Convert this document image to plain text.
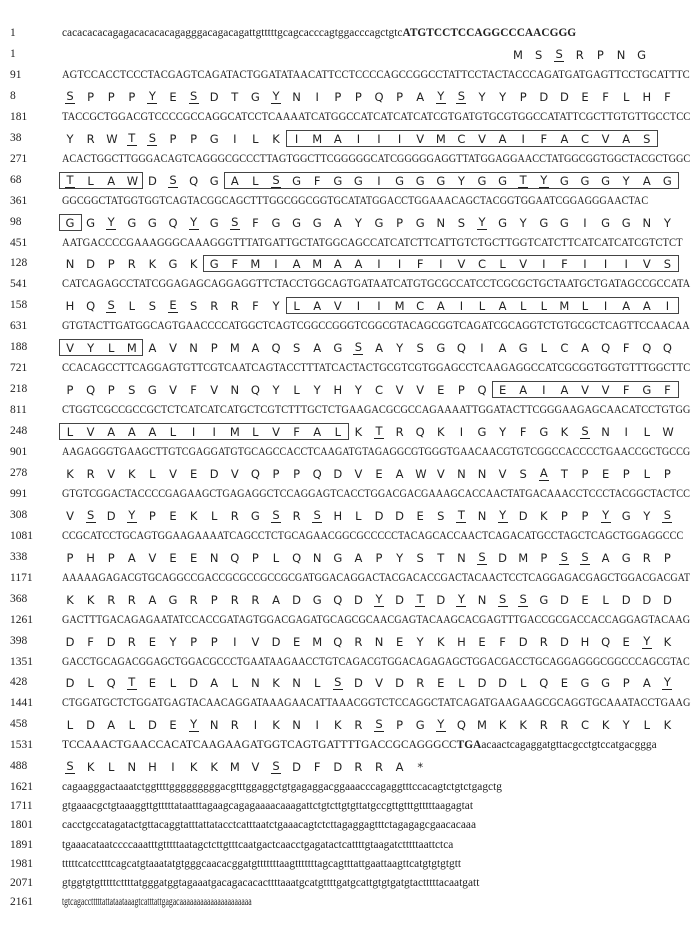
1	cacacacacagagacacacacagagggacagacagattgtttttgcagcacccagtggacccagctgtcATGTCCTCCAGGCCCAACGGG
1	M S S R P N G
91	AGTCCACCTCCCTACGAGTCAGATACTGGATATAACATTCCTCCCCAGCCGGCCTATTCCTACTACCCAGATGATGAGTTCCTGCATTTC
8	S P P P Y E S D T G Y N I P P Q P A Y S Y Y P D D E F L H F
181	TACCGCTGGACGTCCCCGCCAGGCATCCTCAAAATCATGGCCATCATCATCATCGTGATGTGCGTGGCCATATTCGCTTGTGTTGCCTCC
38	Y R W T S P P G I L K I M A I I I V M C V A I F A C V A S
271	ACACTGGCTTGGGACAGTCAGGGCGCCCTTAGTGGCTTCGGGGGCATCGGGGGAGGTTATGGAGGAACCTATGGCGGTGGCTACGCTGGC
68	T L A W D S Q G A L S G F G G I G G G Y G G T Y G G G Y A G
361	GGCGGCTATGGTGGTCAGTACGGCAGCTTTGGCGGCGGTGCATATGGACCTGGAAACAGCTACGGTGGAATCGGAGGGAACTAC
98	G G Y G G Q Y G S F G G G A Y G P G N S Y G Y G G I G G N Y
451	AATGACCCCGAAAGGGCAAAGGGTTTATGATTGCTATGGCAGCCATCATCTTCATTGTCTGCTTGGTCATCTTCATCATCATCGTCTCT
128	N D P R K G K G F M I A M A A I I F I V C L V I F I I I V S
541	CATCAGAGCCTATCGGAGAGCAGGAGGTTCTACCTGGCAGTGATAATCATGTGCGCCATCCTCGCGCTGCTAATGCTGATAGCCGCCATA
158	H Q S L S E S R R F Y L A V I I M C A I L A L L M L I A A I
631	GTGTACTTGATGGCAGTGAACCCCATGGCTCAGTCGGCCGGGTCGGCGTACAGCGGTCAGATCGCAGGTCTGTGCGCTCAGTTCCAACAA
188	V Y L M A V N P M A Q S A G S A Y S G Q I A G L C A Q F Q Q
721	CCACAGCCTTCAGGAGTGTTCGTCAATCAGTACCTTTATCACTACTGCGTCGTGGAGCCTCAAGAGGCCATCGCGGTGGTGTTTGGCTTC
218	P Q P S G V F V N Q Y L Y H Y C V V E P Q E A I A V V F G F
811	CTGGTCGCCGCCGCTCTCATCATCATGCTCGTCTTTGCTCTGAAGACGCGCCAGAAAATTGGATACTTCGGGAAGAGCAACATCCTGTGG
248	L V A A A L I I M L V F A L K T R Q K I G Y F G K S N I L W
901	AAGAGGGTGAAGCTTGTCGAGGATGTGCAGCCACCTCAAGATGTAGAGGCGTGGGTGAACAACGTGTCGGCCACCCCTGAACCGCTGCCG
278	K R V K L V E D V Q P P Q D V E A W V N N V S A T P E P L P
991	GTGTCGGACTACCCCGAGAAGCTGAGAGGCTCCAGGAGTCACCTGGACGACGAAAGCACCAACTATGACAAACCTCCCTACGGCTACTCC
308	V S D Y P E K L R G S R S H L D D E S T N Y D K P P Y G Y S
1081	CCGCATCCTGCAGTGGAAGAAAATCAGCCTCTGCAGAACGGCGCCCCCTACAGCACCAACTCAGACATGCCTAGCTCAGCTGGAGGCCC
338	P H P A V E E N Q P L Q N G A P Y S T N S D M P S S A G R P
1171	AAAAAGAGACGTGCAGGCCGACCGCGCCGCCGCGATGGACAGGACTACGACACCGACTACAACTCCTCAGGAGACGAGCTGGACGACGAT
368	K K R R A G R P R R A D G Q D Y D T D Y N S S G D E L D D D
1261	GACTTTGACAGAGAATATCCACCGATAGTGGACGAGATGCAGCGCAACGAGTACAAGCACGAGTTTGACCGCGACCACCAGGAGTACAAG
398	D F D R E Y P P I V D E M Q R N E Y K H E F D R D H Q E Y K
1351	GACCTGCAGACGGAGCTGGACGCCCTGAATAAGAACCTGTCAGACGTGGACAGAGAGCTGGACGACCTGCAGGAGGGCGGCCCAGCGTAC
428	D L Q T E L D A L N K N L S D V D R E L D D L Q E G G P A Y
1441	CTGGATGCTCTGGATGAGTACAACAGGATAAAGAACATTAAACGGTCTCCAGGCTATCAGATGAAGAAGCGCAGGTGCAAATACCTGAAG
458	L D A L D E Y N R I K N I K R S P G Y Q M K K R R C K Y L K
1531	TCCAAACTGAACCACATCAAGAAGATGGTCAGTGATTTTGACCGCAGGGCCTGAacaactcagaggatgttacgcctgtccatgacggga
488	S K L N H I K K M V S D F D R R A *
1621	cagaagggactaaatctggttttgggggggggacgtttggaggctgtgagaggacggaaacccagaggtttccacagtctgtctgagctg
1711	gtgaaacgctgtaaaggttgtttttataatttagaagcagagaaaacaaagattctgtcttgtgttatgccgttgtttgtttttaagagtat
1801	cacctgccatagatactgttacaggtatttattatacctcatttaatctgaaacagtctcttagaggagtttctagagagcgaacacaaa
1891	tgaaacataatccccaaatttgtttttaatagctcttgtttcaatgactcaacctgagatactcattttgtaagatctttttaattctca
1981	tttttcatcctttcagcatgtaaatatgtgggcaacacggatgtttttttaagtttttttagcagtttattgaattaagttcatgtgtgtgtt
2071	gtggtgtgtttttcttttatgggatggtagaaatgacagacacacttttaaatgcatgttttgatgcattgtgtgatgtactttttacaatgatt
2161	tgtcagacctttttattataataaagtcatttattgagacaaaaaaaaaaaaaaaaaaaaa
